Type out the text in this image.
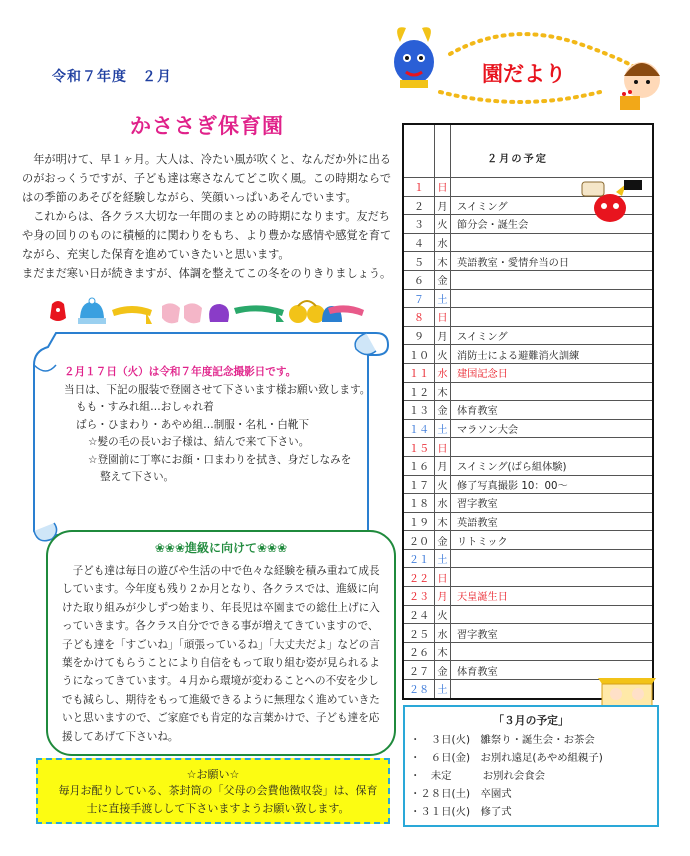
令和７年度　２月
かささぎ保育園

　年が明けて、早１ヶ月。大人は、冷たい風が吹くと、なんだか外に出るのがおっくうですが、子ども達は寒さなんてどこ吹く風。この時期ならではの季節のあそびを経験しながら、笑顔いっぱいあそんでいます。

　これからは、各クラス大切な一年間のまとめの時期になります。友だちや身の回りのものに積極的に関わりをもち、より豊かな感情や感覚を育てながら、充実した保育を進めていきたいと思います。

まだまだ寒い日が続きますが、体調を整えてこの冬をのりきりましょう。

園だより
２月１７日（火）は令和７年度記念撮影日です。
当日は、下記の服装で登園させて下さいます様お願い致します。
もも・すみれ組…おしゃれ着
ばら・ひまわり・あやめ組…制服・名札・白靴下
☆髪の毛の長いお子様は、結んで来て下さい。
☆登園前に丁寧にお顔・口まわりを拭き、身だしなみを
整えて下さい。
❀❀❀進級に向けて❀❀❀
　子ども達は毎日の遊びや生活の中で色々な経験を積み重ねて成長しています。今年度も残り２か月となり、各クラスでは、進級に向けた取り組みが少しずつ始まり、年長児は卒園までの総仕上げに入っていきます。各クラス自分でできる事が増えてきていますので、子ども達を「すごいね」「頑張っているね」「大丈夫だよ」などの言葉をかけてもらうことにより自信をもって取り組む姿が見られるようになってきています。４月から環境が変わることへの不安を少しでも減らし、期待をもって進級できるように無理なく進めていきたいと思いますので、ご家庭でも肯定的な言葉かけで、子ども達を応援してあげて下さいね。
☆お願い☆
毎月お配りしている、茶封筒の「父母の会費他徴収袋」は、保育士に直接手渡しして下さいますようお願い致します。
		２月の予定
１	日	
２	月	スイミング
３	火	節分会・誕生会
４	水	
５	木	英語教室・愛情弁当の日
６	金	
７	土	
８	日	
９	月	スイミング
１０	火	消防士による避難消火訓練
１１	水	建国記念日
１２	木	
１３	金	体育教室
１４	土	マラソン大会
１５	日	
１６	月	スイミング(ばら組体験)
１７	火	修了写真撮影 10：00～
１８	水	習字教室
１９	木	英語教室
２０	金	リトミック
２１	土	
２２	日	
２３	月	天皇誕生日
２４	火	
２５	水	習字教室
２６	木	
２７	金	体育教室
２８	土	
「３月の予定」
・　３日(火)　雛祭り・誕生会・お茶会
・　６日(金)　お別れ遠足(あやめ組親子)
・　未定　　　お別れ会食会
・２８日(土)　卒園式
・３１日(火)　修了式
